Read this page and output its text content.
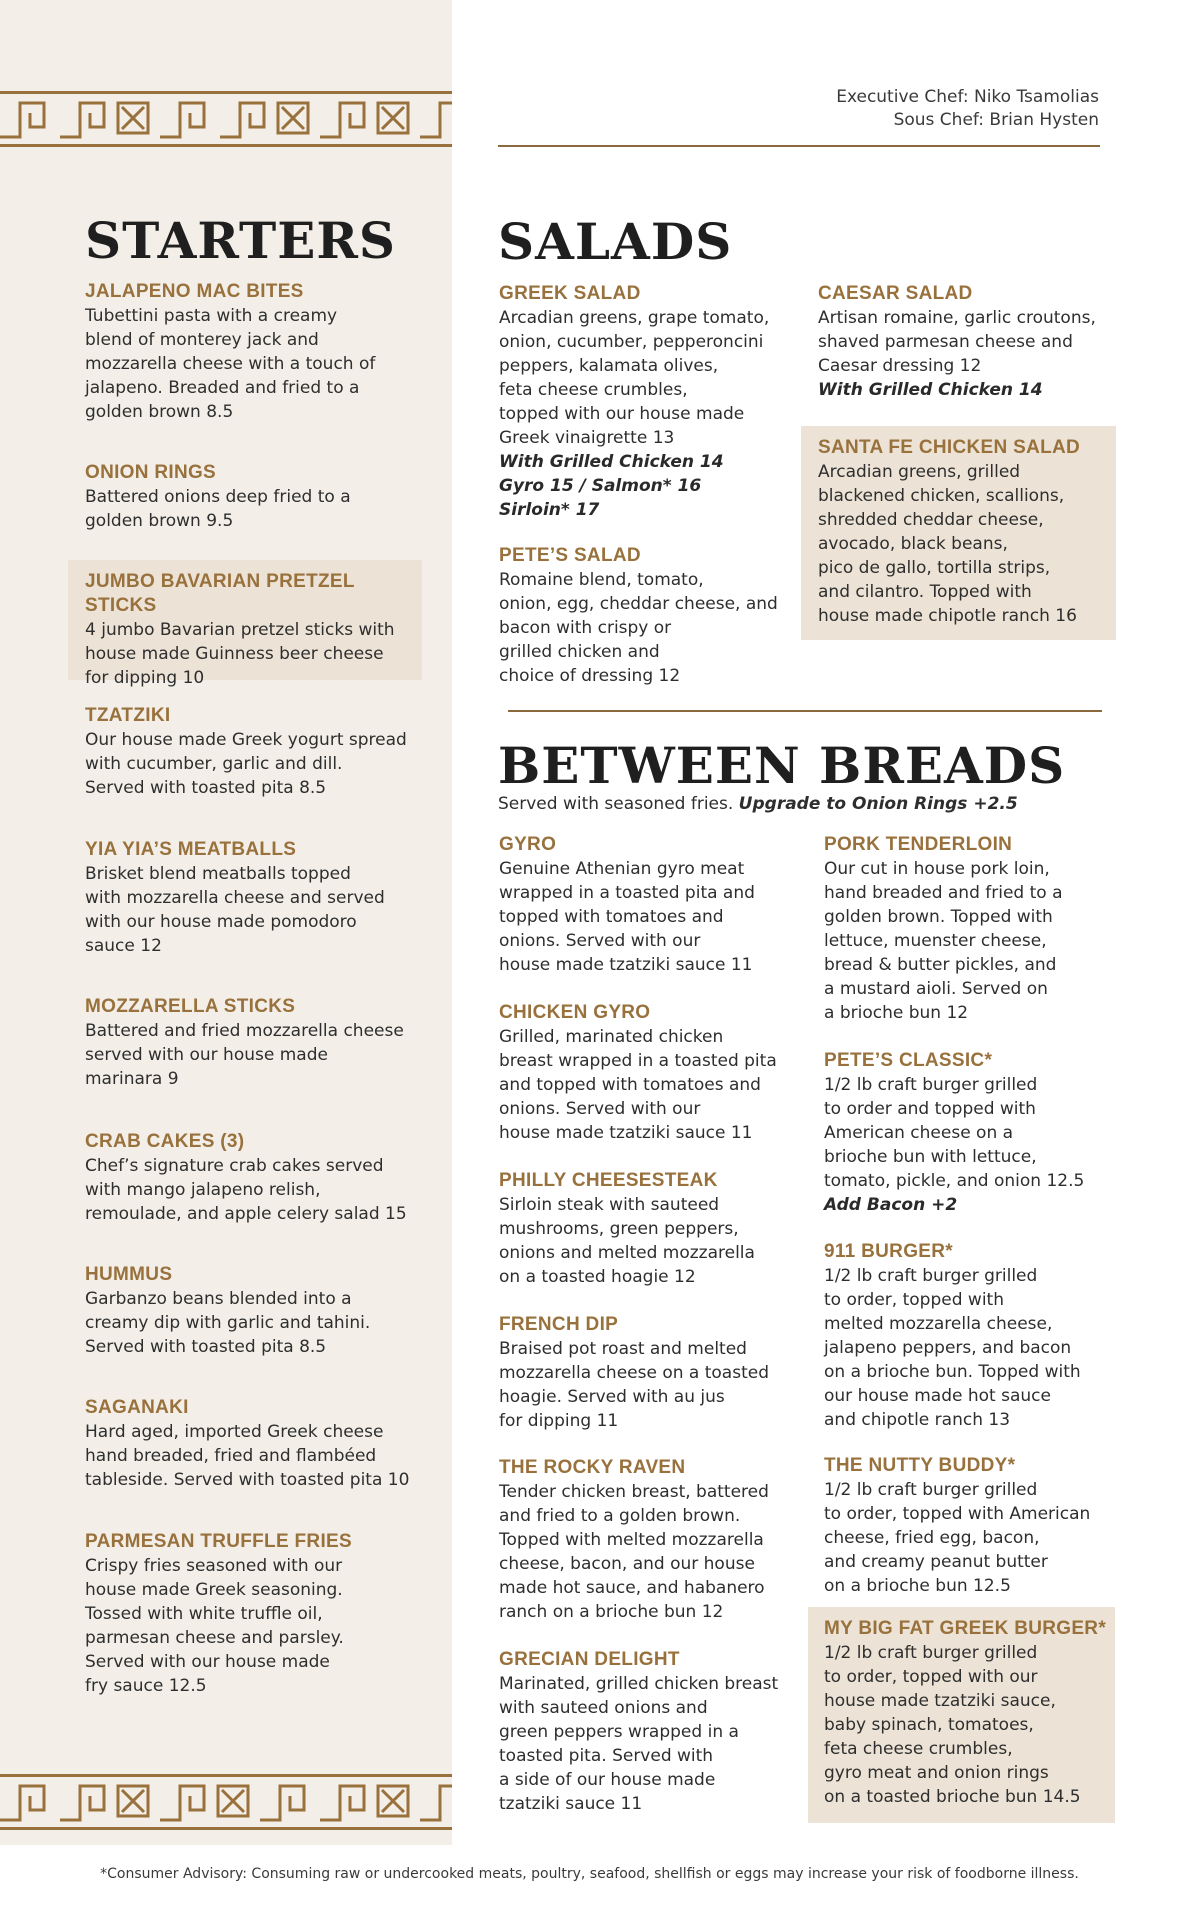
Executive Chef: Niko Tsamolias
Sous Chef: Brian Hysten
STARTERS
JALAPENO MAC BITES
Tubettini pasta with a creamy
blend of monterey jack and
mozzarella cheese with a touch of
jalapeno. Breaded and fried to a
golden brown 8.5
ONION RINGS
Battered onions deep fried to a
golden brown 9.5
JUMBO BAVARIAN PRETZEL STICKS
4 jumbo Bavarian pretzel sticks with
house made Guinness beer cheese
for dipping 10
TZATZIKI
Our house made Greek yogurt spread
with cucumber, garlic and dill.
Served with toasted pita 8.5
YIA YIA’S MEATBALLS
Brisket blend meatballs topped
with mozzarella cheese and served
with our house made pomodoro
sauce 12
MOZZARELLA STICKS
Battered and fried mozzarella cheese
served with our house made
marinara 9
CRAB CAKES (3)
Chef’s signature crab cakes served
with mango jalapeno relish,
remoulade, and apple celery salad 15
HUMMUS
Garbanzo beans blended into a
creamy dip with garlic and tahini.
Served with toasted pita 8.5
SAGANAKI
Hard aged, imported Greek cheese
hand breaded, fried and flambéed
tableside. Served with toasted pita 10
PARMESAN TRUFFLE FRIES
Crispy fries seasoned with our
house made Greek seasoning.
Tossed with white truffle oil,
parmesan cheese and parsley.
Served with our house made
fry sauce 12.5
SALADS
GREEK SALAD
Arcadian greens, grape tomato,
onion, cucumber, pepperoncini
peppers, kalamata olives,
feta cheese crumbles,
topped with our house made
Greek vinaigrette 13
With Grilled Chicken 14
Gyro 15 / Salmon* 16
Sirloin* 17
PETE’S SALAD
Romaine blend, tomato,
onion, egg, cheddar cheese, and
bacon with crispy or
grilled chicken and
choice of dressing 12
CAESAR SALAD
Artisan romaine, garlic croutons,
shaved parmesan cheese and
Caesar dressing 12
With Grilled Chicken 14
SANTA FE CHICKEN SALAD
Arcadian greens, grilled
blackened chicken, scallions,
shredded cheddar cheese,
avocado, black beans,
pico de gallo, tortilla strips,
and cilantro. Topped with
house made chipotle ranch 16
BETWEEN BREADS
Served with seasoned fries. Upgrade to Onion Rings +2.5
GYRO
Genuine Athenian gyro meat
wrapped in a toasted pita and
topped with tomatoes and
onions. Served with our
house made tzatziki sauce 11
CHICKEN GYRO
Grilled, marinated chicken
breast wrapped in a toasted pita
and topped with tomatoes and
onions. Served with our
house made tzatziki sauce 11
PHILLY CHEESESTEAK
Sirloin steak with sauteed
mushrooms, green peppers,
onions and melted mozzarella
on a toasted hoagie 12
FRENCH DIP
Braised pot roast and melted
mozzarella cheese on a toasted
hoagie. Served with au jus
for dipping 11
THE ROCKY RAVEN
Tender chicken breast, battered
and fried to a golden brown.
Topped with melted mozzarella
cheese, bacon, and our house
made hot sauce, and habanero
ranch on a brioche bun 12
GRECIAN DELIGHT
Marinated, grilled chicken breast
with sauteed onions and
green peppers wrapped in a
toasted pita. Served with
a side of our house made
tzatziki sauce 11
PORK TENDERLOIN
Our cut in house pork loin,
hand breaded and fried to a
golden brown. Topped with
lettuce, muenster cheese,
bread & butter pickles, and
a mustard aioli. Served on
a brioche bun 12
PETE’S CLASSIC*
1/2 lb craft burger grilled
to order and topped with
American cheese on a
brioche bun with lettuce,
tomato, pickle, and onion 12.5
Add Bacon +2
911 BURGER*
1/2 lb craft burger grilled
to order, topped with
melted mozzarella cheese,
jalapeno peppers, and bacon
on a brioche bun. Topped with
our house made hot sauce
and chipotle ranch 13
THE NUTTY BUDDY*
1/2 lb craft burger grilled
to order, topped with American
cheese, fried egg, bacon,
and creamy peanut butter
on a brioche bun 12.5
MY BIG FAT GREEK BURGER*
1/2 lb craft burger grilled
to order, topped with our
house made tzatziki sauce,
baby spinach, tomatoes,
feta cheese crumbles,
gyro meat and onion rings
on a toasted brioche bun 14.5
*Consumer Advisory: Consuming raw or undercooked meats, poultry, seafood, shellfish or eggs may increase your risk of foodborne illness.
